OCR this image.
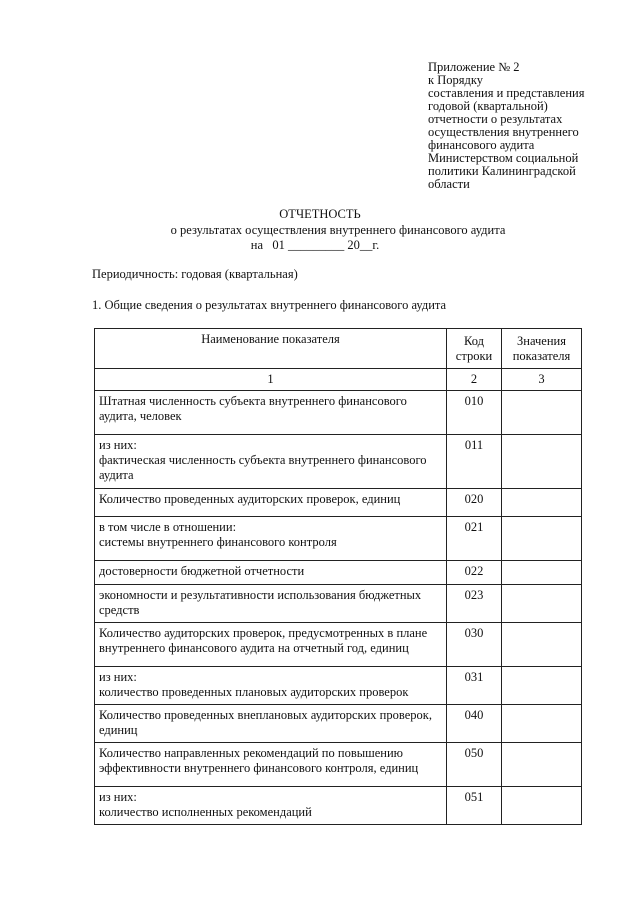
Приложение № 2
к Порядку
составления и представления
годовой (квартальной)
отчетности о результатах
осуществления внутреннего
финансового аудита
Министерством социальной
политики Калининградской
области
ОТЧЕТНОСТЬ
о результатах осуществления внутреннего финансового аудита
на   01 _________ 20__г.
Периодичность: годовая (квартальная)
1. Общие сведения о результатах внутреннего финансового аудита
Наименование показателя	Код строки	Значения показателя
1	2	3
Штатная численность субъекта внутреннего финансового аудита, человек	010	
из них:
фактическая численность субъекта внутреннего финансового аудита	011	
Количество проведенных аудиторских проверок, единиц	020	
в том числе в отношении:
системы внутреннего финансового контроля	021	
достоверности бюджетной отчетности	022	
экономности и результативности использования бюджетных средств	023	
Количество аудиторских проверок, предусмотренных в плане внутреннего финансового аудита на отчетный год, единиц	030	
из них:
количество проведенных плановых аудиторских проверок	031	
Количество проведенных внеплановых аудиторских проверок, единиц	040	
Количество направленных рекомендаций по повышению эффективности внутреннего финансового контроля, единиц	050	
из них:
количество исполненных рекомендаций	051	
